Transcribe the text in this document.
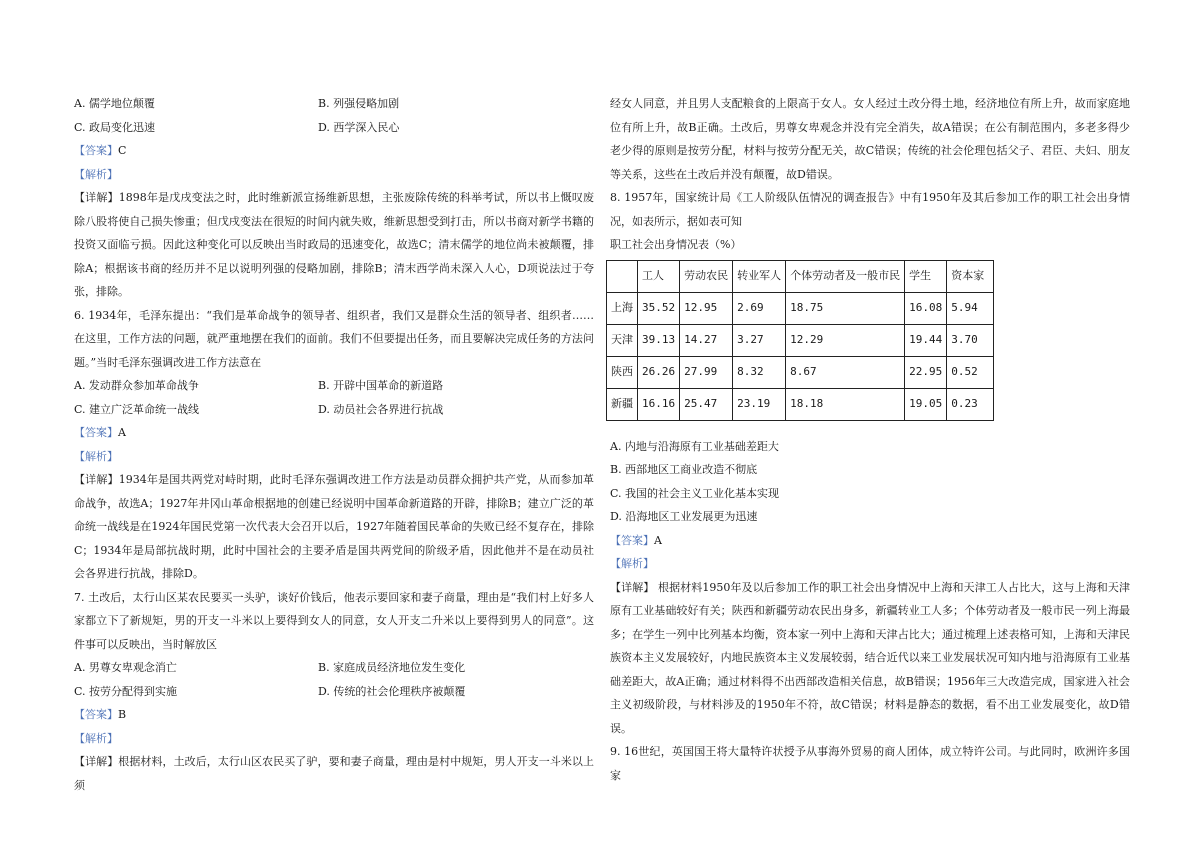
A. 儒学地位颠覆	B. 列强侵略加剧
C. 政局变化迅速	D. 西学深入民心

【答案】C

【解析】

【详解】1898年是戊戌变法之时，此时维新派宣扬维新思想，主张废除传统的科举考试，所以书上慨叹废除八股将使自己损失惨重；但戊戌变法在很短的时间内就失败，维新思想受到打击，所以书商对新学书籍的投资又面临亏损。因此这种变化可以反映出当时政局的迅速变化，故选C；清末儒学的地位尚未被颠覆，排除A；根据该书商的经历并不足以说明列强的侵略加剧，排除B；清末西学尚未深入人心，D项说法过于夸张，排除。

6. 1934年，毛泽东提出：“我们是革命战争的领导者、组织者，我们又是群众生活的领导者、组织者……在这里，工作方法的问题，就严重地摆在我们的面前。我们不但要提出任务，而且要解决完成任务的方法问题。”当时毛泽东强调改进工作方法意在

A. 发动群众参加革命战争	B. 开辟中国革命的新道路
C. 建立广泛革命统一战线	D. 动员社会各界进行抗战

【答案】A

【解析】

【详解】1934年是国共两党对峙时期，此时毛泽东强调改进工作方法是动员群众拥护共产党，从而参加革命战争，故选A；1927年井冈山革命根据地的创建已经说明中国革命新道路的开辟，排除B；建立广泛的革命统一战线是在1924年国民党第一次代表大会召开以后，1927年随着国民革命的失败已经不复存在，排除C；1934年是局部抗战时期，此时中国社会的主要矛盾是国共两党间的阶级矛盾，因此他并不是在动员社会各界进行抗战，排除D。

7. 土改后，太行山区某农民要买一头驴，谈好价钱后，他表示要回家和妻子商量，理由是“我们村上好多人家都立下了新规矩，男的开支一斗米以上要得到女人的同意，女人开支二升米以上要得到男人的同意”。这件事可以反映出，当时解放区

A. 男尊女卑观念消亡	B. 家庭成员经济地位发生变化
C. 按劳分配得到实施	D. 传统的社会伦理秩序被颠覆

【答案】B

【解析】

【详解】根据材料，土改后，太行山区农民买了驴，要和妻子商量，理由是村中规矩，男人开支一斗米以上须

经女人同意，并且男人支配粮食的上限高于女人。女人经过土改分得土地，经济地位有所上升，故而家庭地位有所上升，故B正确。土改后，男尊女卑观念并没有完全消失，故A错误；在公有制范围内，多老多得少老少得的原则是按劳分配，材料与按劳分配无关，故C错误；传统的社会伦理包括父子、君臣、夫妇、朋友等关系，这些在土改后并没有颠覆，故D错误。

8. 1957年，国家统计局《工人阶级队伍情况的调查报告》中有1950年及其后参加工作的职工社会出身情况，如表所示，据如表可知

职工社会出身情况表（%）

	工人	劳动农民	转业军人	个体劳动者及一般市民	学生	资本家
上海	35.52	12.95	2.69	18.75	16.08	5.94
天津	39.13	14.27	3.27	12.29	19.44	3.70
陕西	26.26	27.99	8.32	8.67	22.95	0.52
新疆	16.16	25.47	23.19	18.18	19.05	0.23

A. 内地与沿海原有工业基础差距大

B. 西部地区工商业改造不彻底

C. 我国的社会主义工业化基本实现

D. 沿海地区工业发展更为迅速

【答案】A

【解析】

【详解】 根据材料1950年及以后参加工作的职工社会出身情况中上海和天津工人占比大，这与上海和天津原有工业基础较好有关；陕西和新疆劳动农民出身多，新疆转业工人多；个体劳动者及一般市民一列上海最多；在学生一列中比列基本均衡，资本家一列中上海和天津占比大；通过梳理上述表格可知，上海和天津民族资本主义发展较好，内地民族资本主义发展较弱，结合近代以来工业发展状况可知内地与沿海原有工业基础差距大，故A正确；通过材料得不出西部改造相关信息，故B错误；1956年三大改造完成，国家进入社会主义初级阶段，与材料涉及的1950年不符，故C错误；材料是静态的数据，看不出工业发展变化，故D错误。

9. 16世纪，英国国王将大量特许状授予从事海外贸易的商人团体，成立特许公司。与此同时，欧洲许多国家
